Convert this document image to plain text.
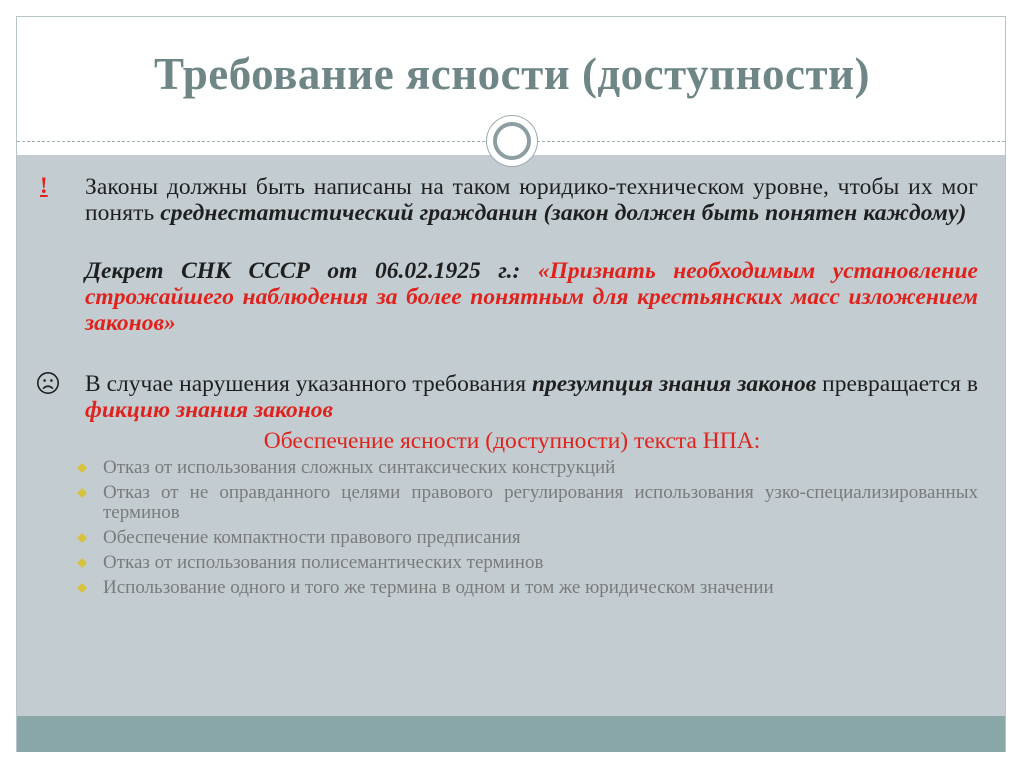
Требование ясности (доступности)
! Законы должны быть написаны на таком юридико-техническом уровне, чтобы их мог понять среднестатистический гражданин (закон должен быть понятен каждому)

Декрет СНК СССР от 06.02.1925 г.: «Признать необходимым установление строжайшего наблюдения за более понятным для крестьянских масс изложением законов»

В случае нарушения указанного требования презумпция знания законов превращается в фикцию знания законов

Обеспечение ясности (доступности) текста НПА:

Отказ от использования сложных синтаксических конструкций
Отказ от не оправданного целями правового регулирования использования узко-специализированных терминов
Обеспечение компактности правового предписания
Отказ от использования полисемантических терминов
Использование одного и того же термина в одном и том же юридическом значении
